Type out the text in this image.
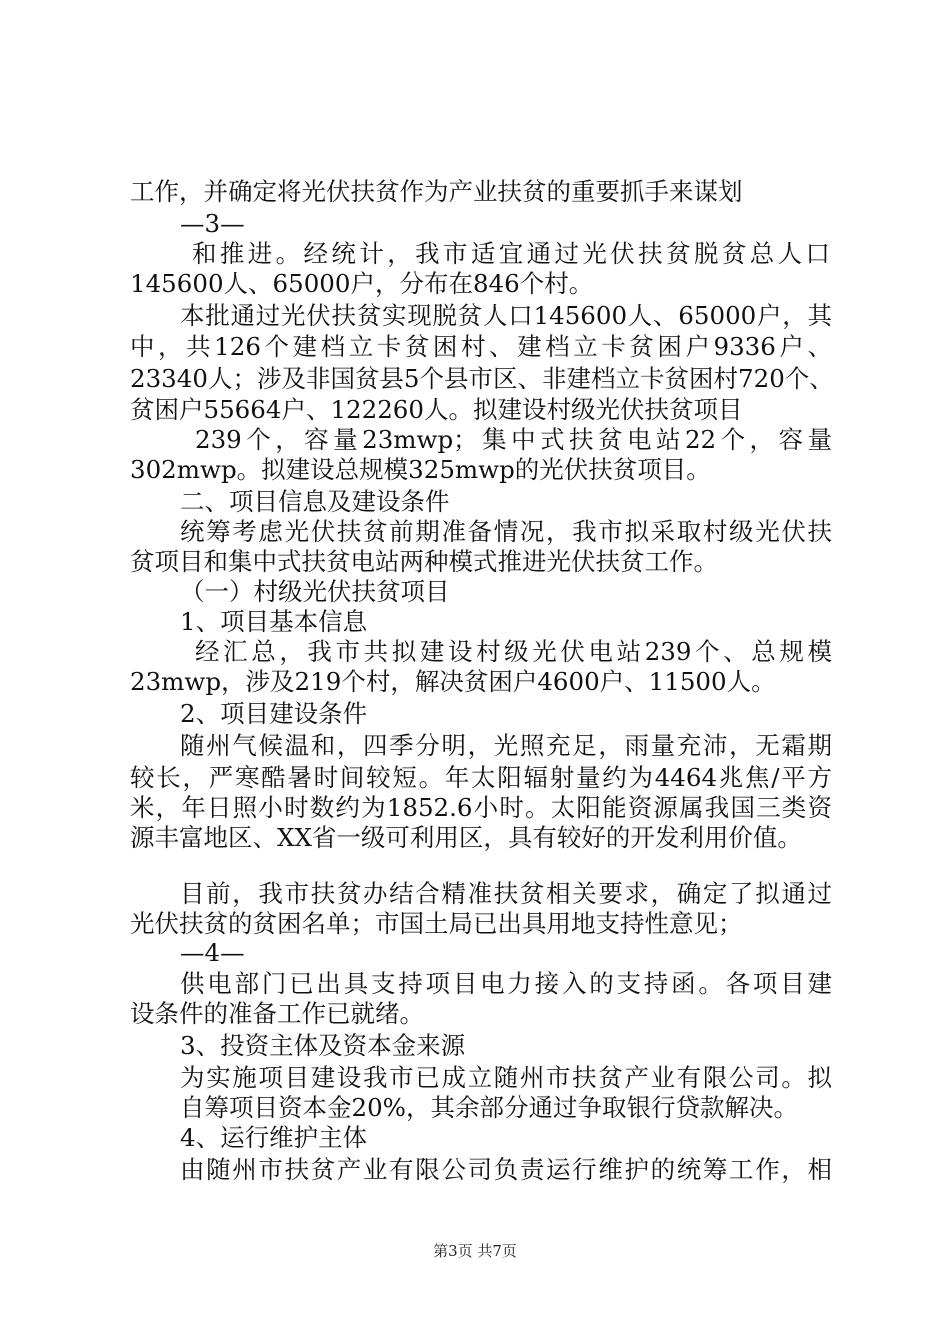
工作，并确定将光伏扶贫作为产业扶贫的重要抓手来谋划
—3—
和推进。经统计，我市适宜通过光伏扶贫脱贫总人口
145600人、65000户，分布在846个村。
本批通过光伏扶贫实现脱贫人口145600人、65000户，其
中，共126个建档立卡贫困村、建档立卡贫困户9336户、
23340人；涉及非国贫县5个县市区、非建档立卡贫困村720个、
贫困户55664户、122260人。拟建设村级光伏扶贫项目
239个，容量23mwp；集中式扶贫电站22个，容量
302mwp。拟建设总规模325mwp的光伏扶贫项目。
二、项目信息及建设条件
统筹考虑光伏扶贫前期准备情况，我市拟采取村级光伏扶
贫项目和集中式扶贫电站两种模式推进光伏扶贫工作。
（一）村级光伏扶贫项目
1、项目基本信息
经汇总，我市共拟建设村级光伏电站239个、总规模
23mwp，涉及219个村，解决贫困户4600户、11500人。
2、项目建设条件
随州气候温和，四季分明，光照充足，雨量充沛，无霜期
较长，严寒酷暑时间较短。年太阳辐射量约为4464兆焦/平方
米，年日照小时数约为1852.6小时。太阳能资源属我国三类资
源丰富地区、XX省一级可利用区，具有较好的开发利用价值。
目前，我市扶贫办结合精准扶贫相关要求，确定了拟通过
光伏扶贫的贫困名单；市国土局已出具用地支持性意见；
—4—
供电部门已出具支持项目电力接入的支持函。各项目建
设条件的准备工作已就绪。
3、投资主体及资本金来源
为实施项目建设我市已成立随州市扶贫产业有限公司。拟
自筹项目资本金20%，其余部分通过争取银行贷款解决。
4、运行维护主体
由随州市扶贫产业有限公司负责运行维护的统筹工作，相
第3页 共7页
